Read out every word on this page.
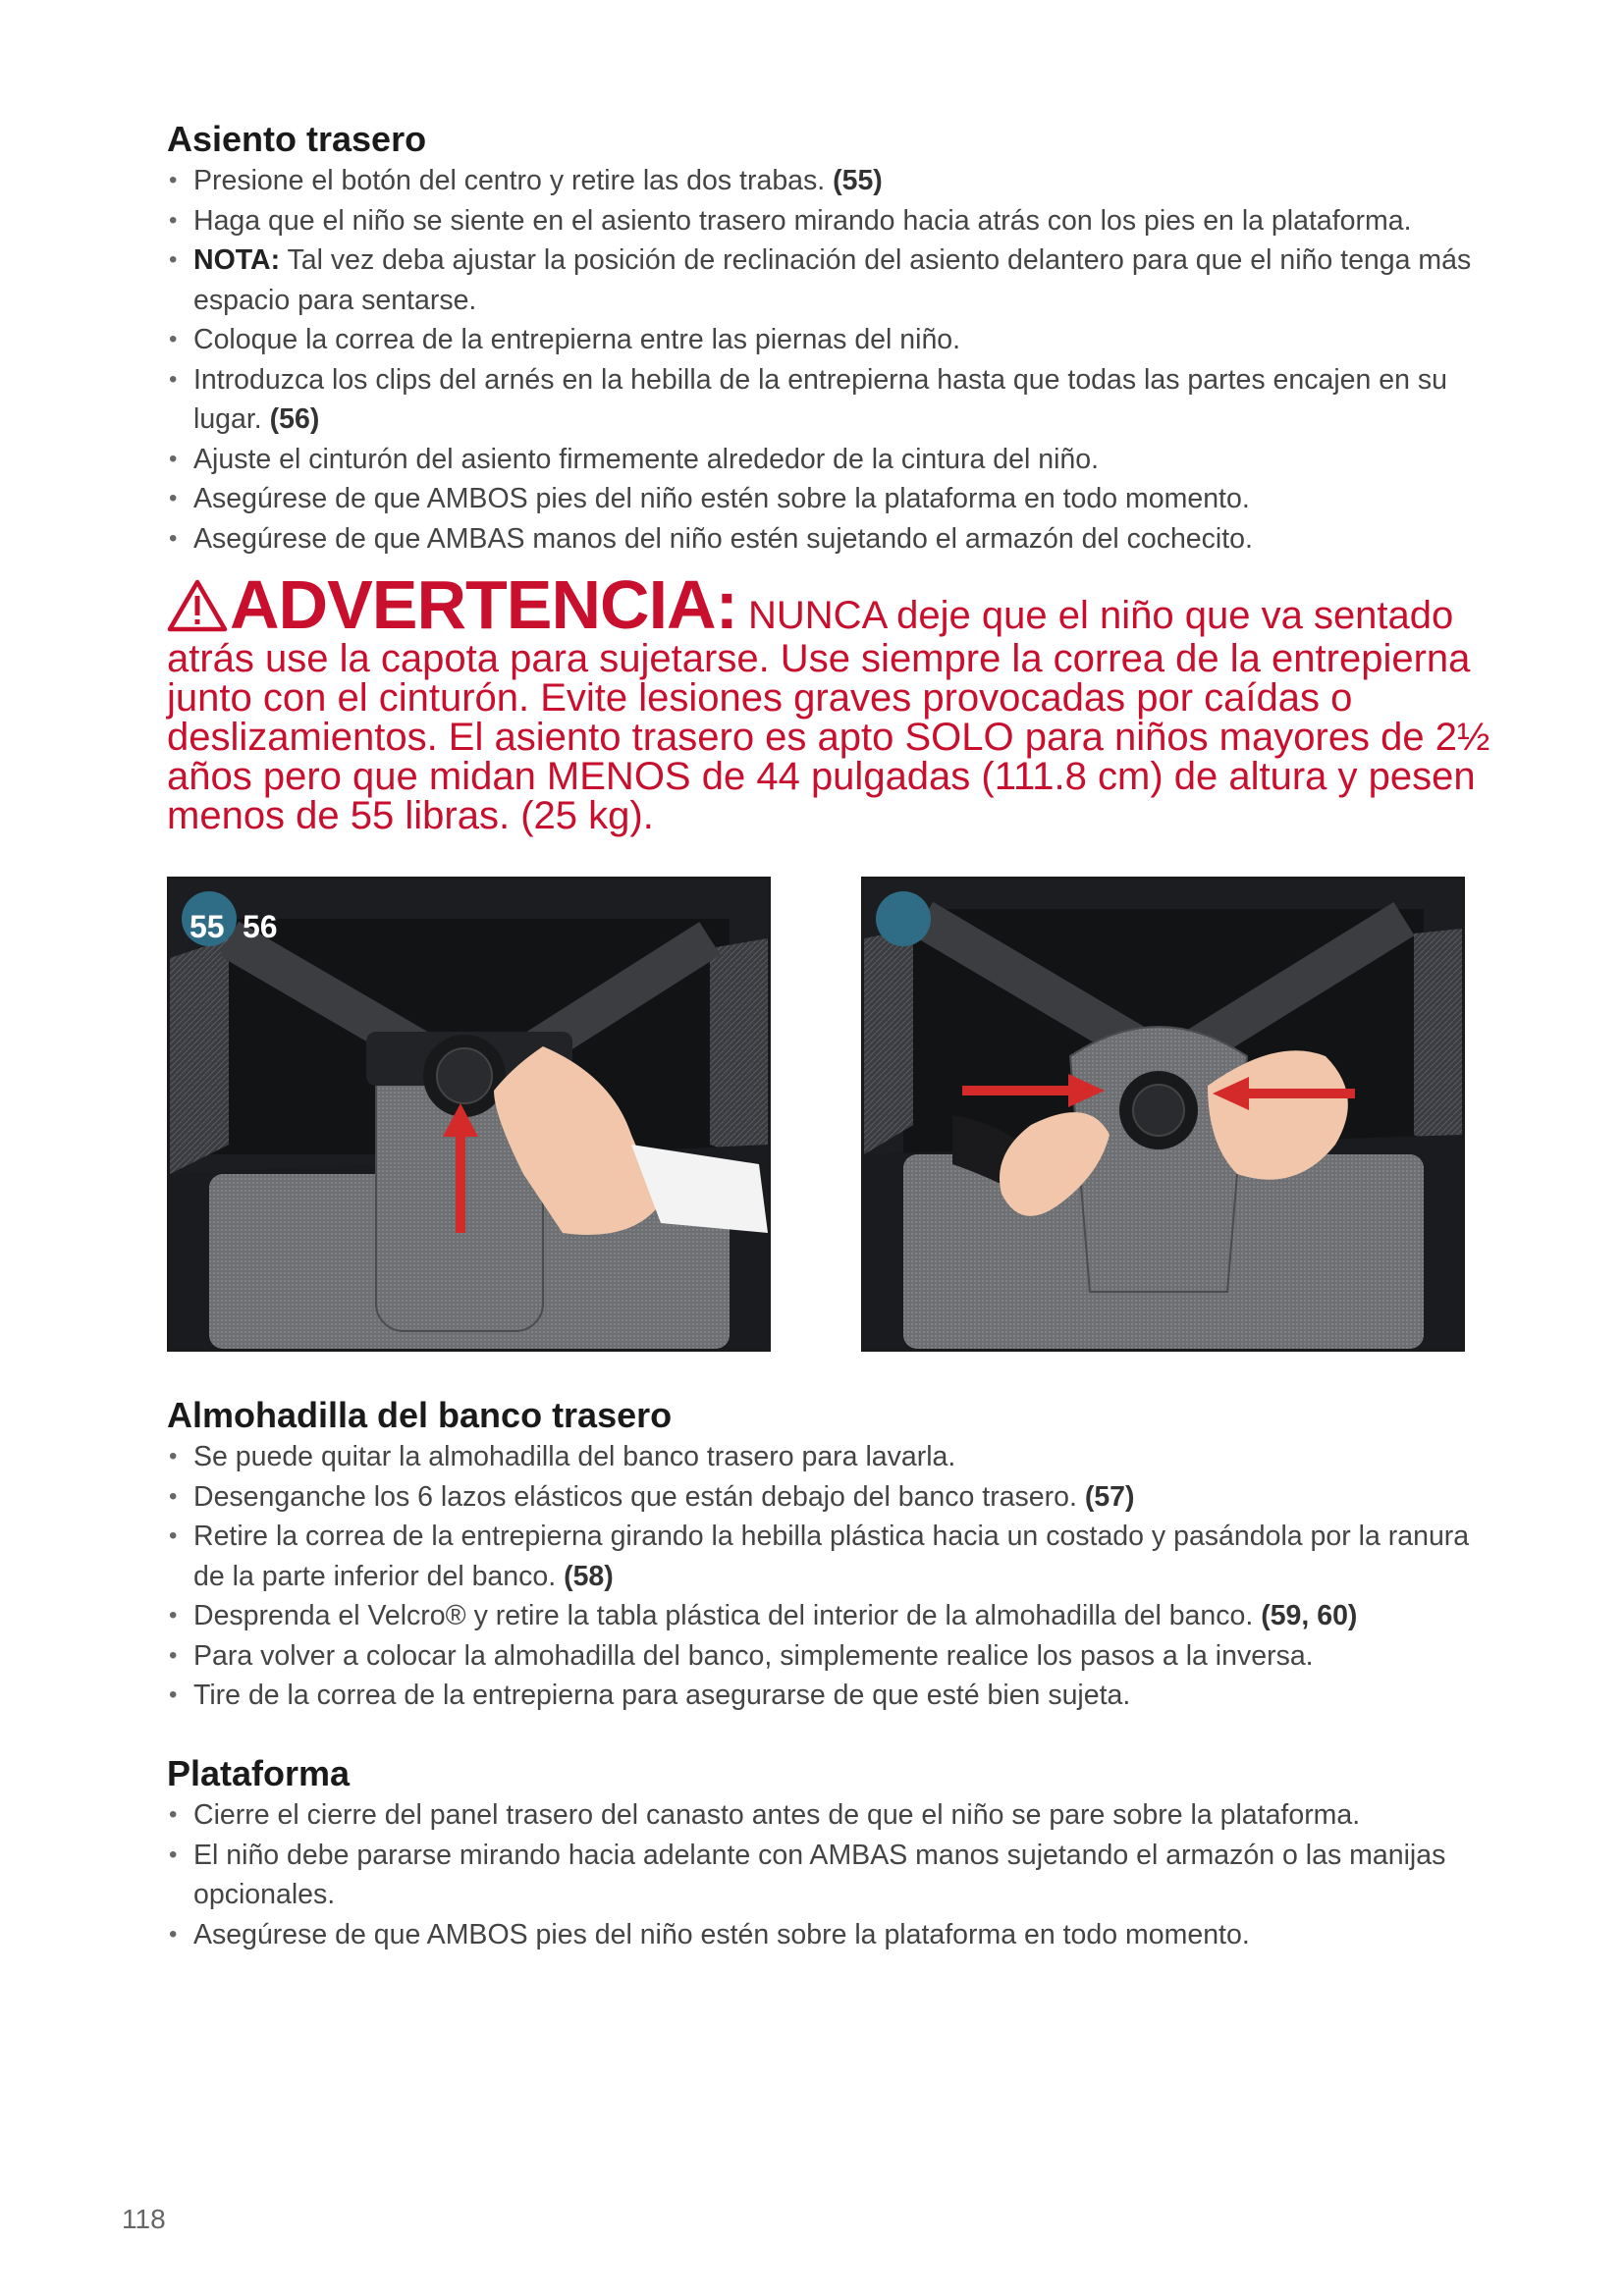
Asiento trasero
• Presione el botón del centro y retire las dos trabas. (55)
• Haga que el niño se siente en el asiento trasero mirando hacia atrás con los pies en la plataforma.
• NOTA: Tal vez deba ajustar la posición de reclinación del asiento delantero para que el niño tenga más espacio para sentarse.
• Coloque la correa de la entrepierna entre las piernas del niño.
• Introduzca los clips del arnés en la hebilla de la entrepierna hasta que todas las partes encajen en su lugar. (56)
• Ajuste el cinturón del asiento firmemente alrededor de la cintura del niño.
• Asegúrese de que AMBOS pies del niño estén sobre la plataforma en todo momento.
• Asegúrese de que AMBAS manos del niño estén sujetando el armazón del cochecito.
ADVERTENCIA: NUNCA deje que el niño que va sentado atrás use la capota para sujetarse. Use siempre la correa de la entrepierna junto con el cinturón. Evite lesiones graves provocadas por caídas o deslizamientos. El asiento trasero es apto SOLO para niños mayores de 2½ años pero que midan MENOS de 44 pulgadas (111.8 cm) de altura y pesen menos de 55 libras. (25 kg).
55 56
Almohadilla del banco trasero
• Se puede quitar la almohadilla del banco trasero para lavarla.
• Desenganche los 6 lazos elásticos que están debajo del banco trasero. (57)
• Retire la correa de la entrepierna girando la hebilla plástica hacia un costado y pasándola por la ranura de la parte inferior del banco. (58)
• Desprenda el Velcro® y retire la tabla plástica del interior de la almohadilla del banco. (59, 60)
• Para volver a colocar la almohadilla del banco, simplemente realice los pasos a la inversa.
• Tire de la correa de la entrepierna para asegurarse de que esté bien sujeta.
Plataforma
• Cierre el cierre del panel trasero del canasto antes de que el niño se pare sobre la plataforma.
• El niño debe pararse mirando hacia adelante con AMBAS manos sujetando el armazón o las manijas opcionales.
• Asegúrese de que AMBOS pies del niño estén sobre la plataforma en todo momento.
118
